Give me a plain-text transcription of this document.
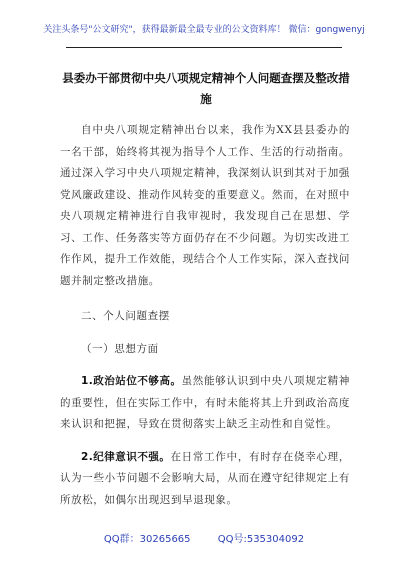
关注头条号"公文研究"，获得最新最全最专业的公文资料库！ 微信：gongwenyj
县委办干部贯彻中央八项规定精神个人问题查摆及整改措施

自中央八项规定精神出台以来，我作为XX县县委办的一名干部，始终将其视为指导个人工作、生活的行动指南。通过深入学习中央八项规定精神，我深刻认识到其对于加强党风廉政建设、推动作风转变的重要意义。然而，在对照中央八项规定精神进行自我审视时，我发现自己在思想、学习、工作、任务落实等方面仍存在不少问题。为切实改进工作作风，提升工作效能，现结合个人工作实际，深入查找问题并制定整改措施。

二、个人问题查摆

（一）思想方面

1.政治站位不够高。虽然能够认识到中央八项规定精神的重要性，但在实际工作中，有时未能将其上升到政治高度来认识和把握，导致在贯彻落实上缺乏主动性和自觉性。

2.纪律意识不强。在日常工作中，有时存在侥幸心理，认为一些小节问题不会影响大局，从而在遵守纪律规定上有所放松，如偶尔出现迟到早退现象。

QQ群：30265665	QQ号:535304092
